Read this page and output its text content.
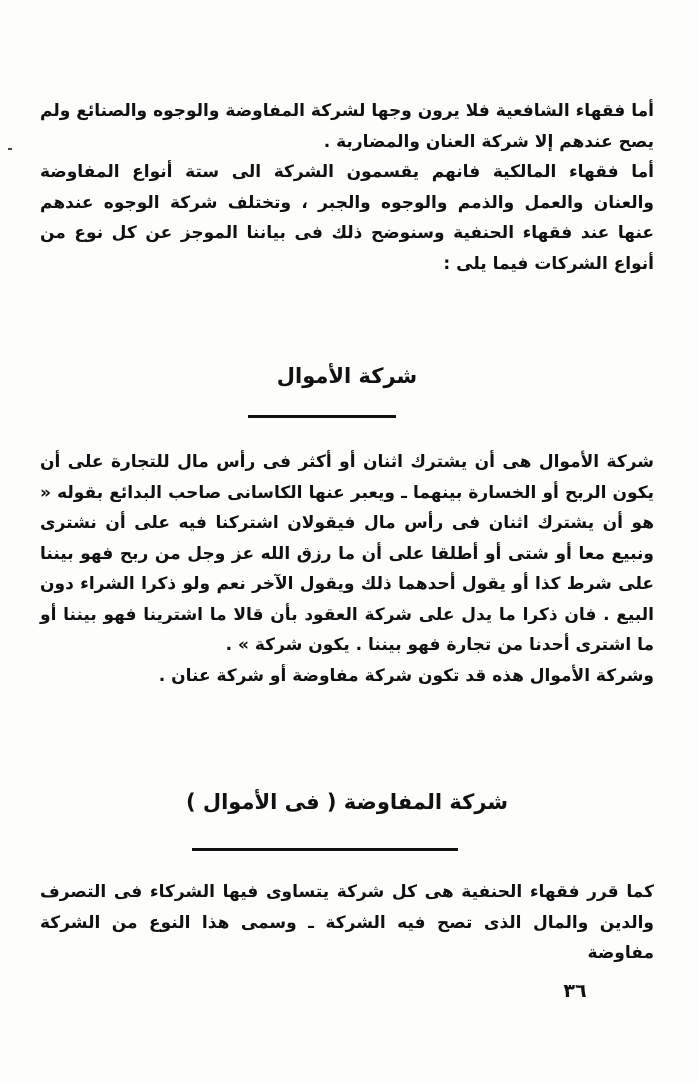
أما فقهاء الشافعية فلا يرون وجها لشركة المفاوضة والوجوه والصنائع ولم يصح عندهم إلا شركة العنان والمضاربة .

أما فقهاء المالكية فانهم يقسمون الشركة الى ستة أنواع المفاوضة والعنان والعمل والذمم والوجوه والجبر ، وتختلف شركة الوجوه عندهم عنها عند فقهاء الحنفية وسنوضح ذلك فى بياننا الموجز عن كل نوع من أنواع الشركات فيما يلى :

شركة الأموال

شركة الأموال هى أن يشترك اثنان أو أكثر فى رأس مال للتجارة على أن يكون الربح أو الخسارة بينهما ـ ويعبر عنها الكاسانى صاحب البدائع بقوله « هو أن يشترك اثنان فى رأس مال فيقولان اشتركنا فيه على أن نشترى ونبيع معا أو شتى أو أطلقا على أن ما رزق الله عز وجل من ربح فهو بيننا على شرط كذا أو يقول أحدهما ذلك ويقول الآخر نعم ولو ذكرا الشراء دون البيع . فان ذكرا ما يدل على شركة العقود بأن قالا ما اشترينا فهو بيننا أو ما اشترى أحدنا من تجارة فهو بيننا . يكون شركة » .

وشركة الأموال هذه قد تكون شركة مفاوضة أو شركة عنان .

شركة المفاوضة ( فى الأموال )

كما قرر فقهاء الحنفية هى كل شركة يتساوى فيها الشركاء فى التصرف والدين والمال الذى تصح فيه الشركة ـ وسمى هذا النوع من الشركة مفاوضة

٣٦
